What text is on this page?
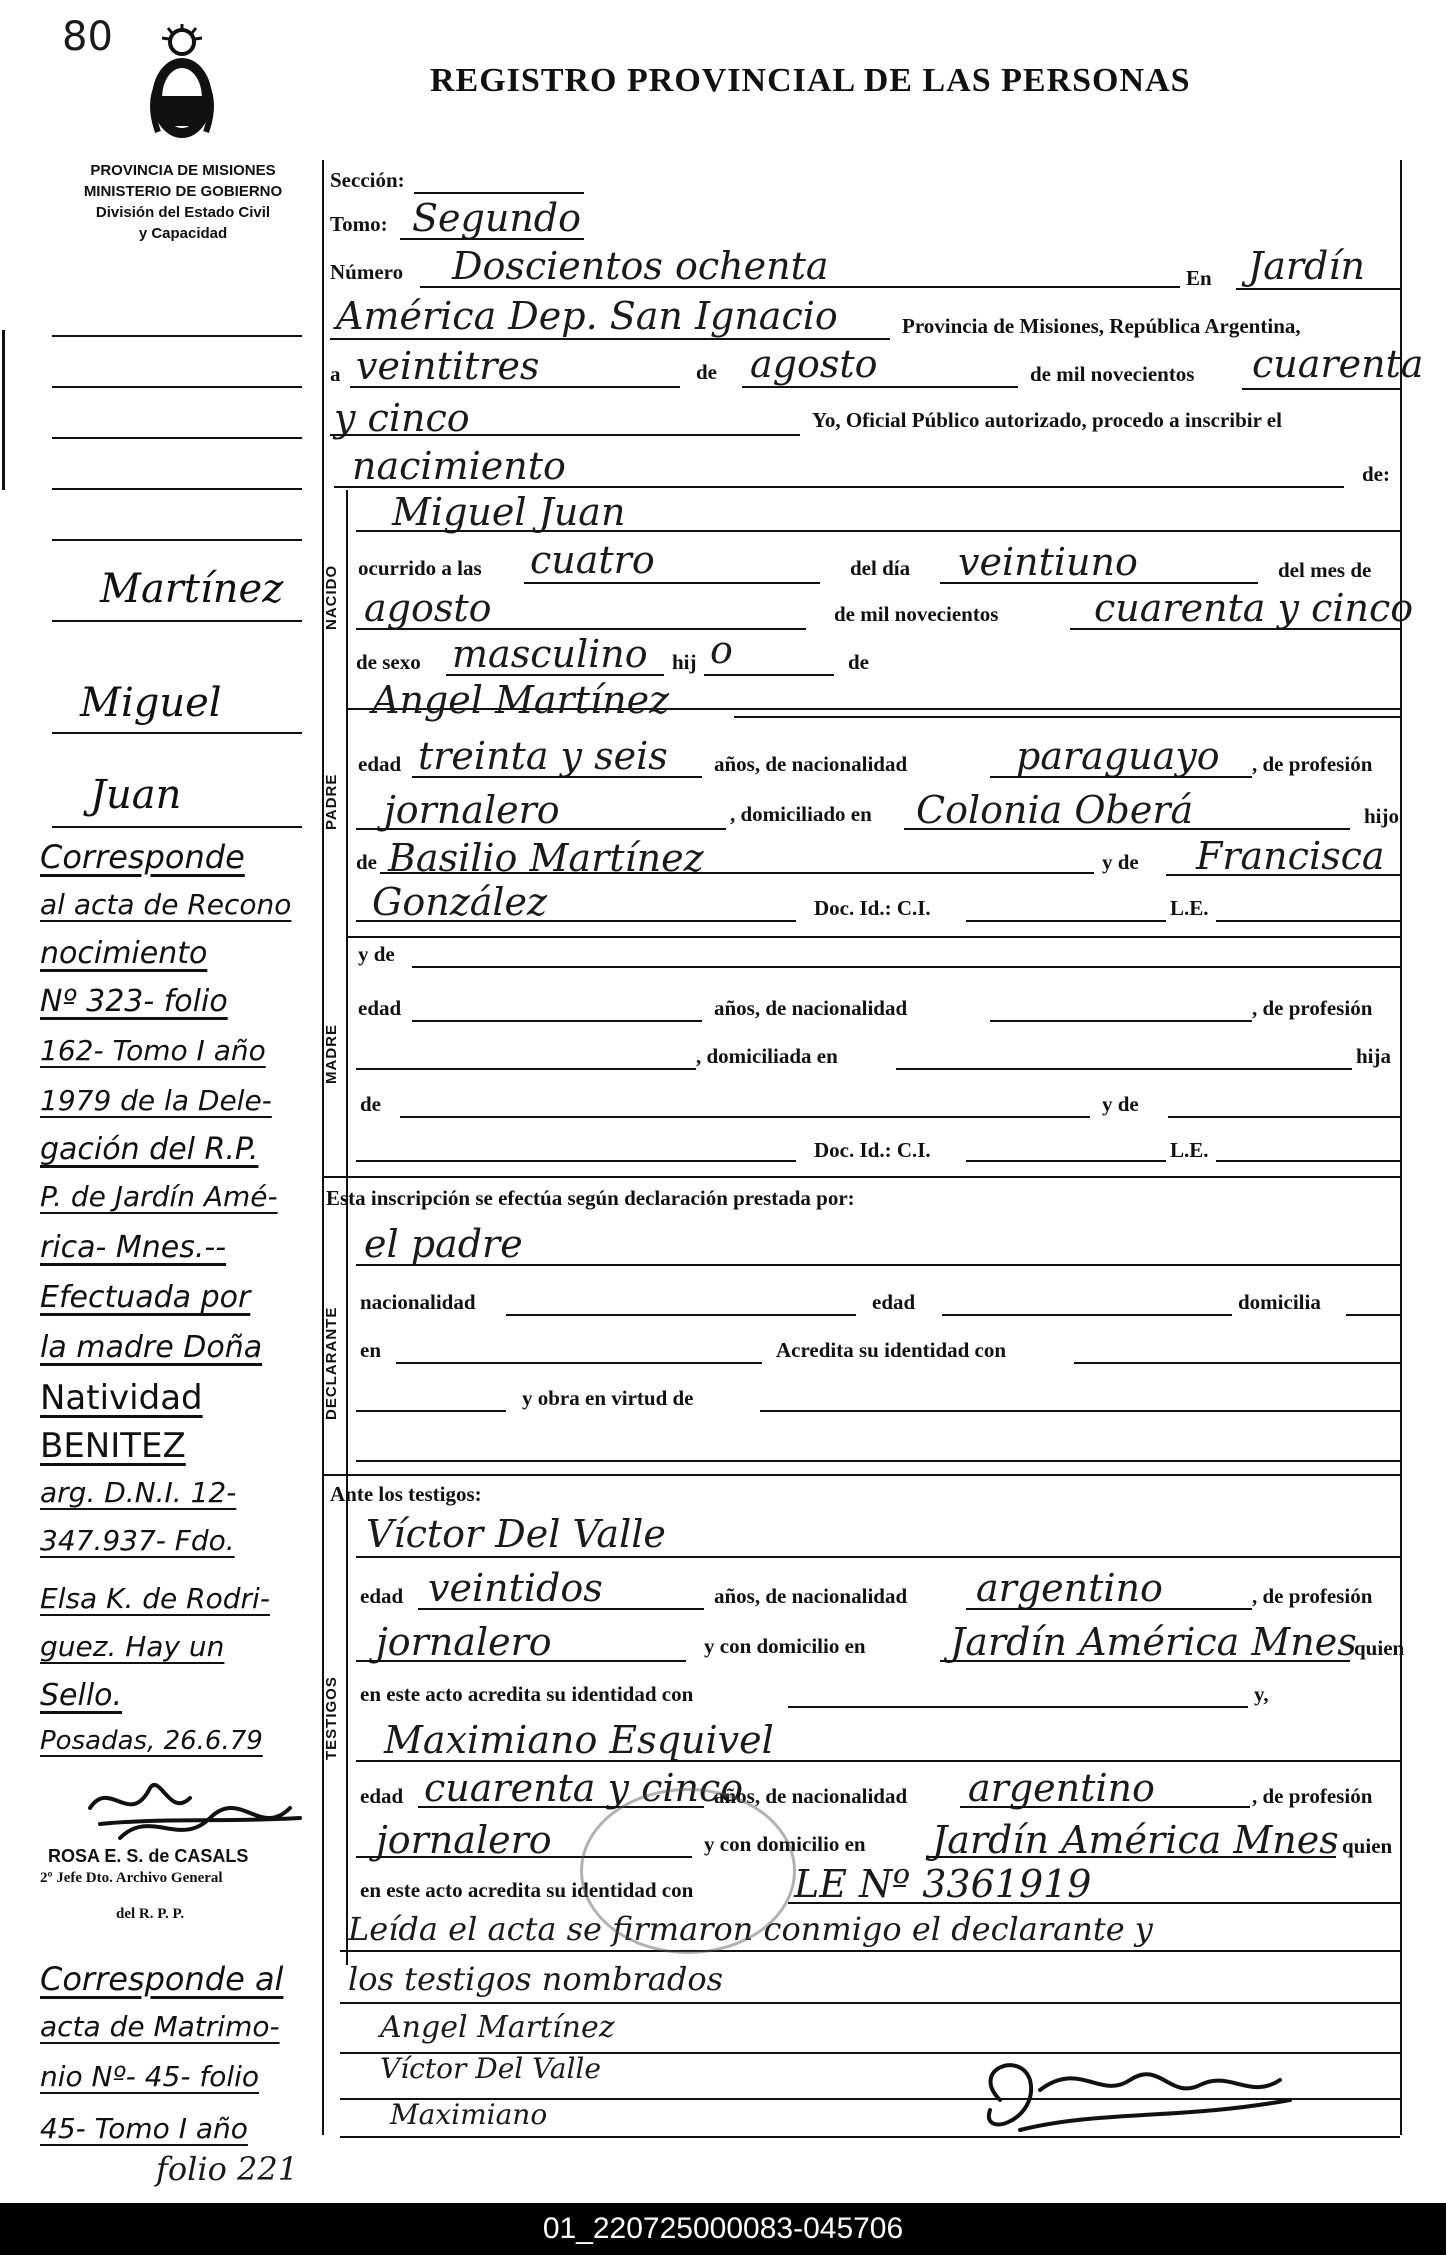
80
REGISTRO PROVINCIAL DE LAS PERSONAS
PROVINCIA DE MISIONES
MINISTERIO DE GOBIERNO
División del Estado Civil
y Capacidad
Sección:
Tomo: Segundo
Número Doscientos ochenta	En Jardín
América Dep. San Ignacio	Provincia de Misiones, República Argentina,
a veintitres	de agosto	de mil novecientos cuarenta
y cinco	Yo, Oficial Público autorizado, procedo a inscribir el
nacimiento	de:
NACIDO
Miguel Juan
ocurrido a las cuatro	del día veintiuno	del mes de
agosto	de mil novecientos	cuarenta y cinco
de sexo masculino hij o	de
PADRE
Angel Martínez
edad treinta y seis años, de nacionalidad	paraguayo , de profesión
jornalero	, domiciliado en Colonia Oberá	hijo
de Basilio Martínez	y de Francisca
González	Doc. Id.: C.I.	L.E.
MADRE
y de
edad	años, de nacionalidad	, de profesión
, domiciliada en	hija
de	y de
Doc. Id.: C.I.	L.E.
Esta inscripción se efectúa según declaración prestada por:
DECLARANTE
el padre
nacionalidad	edad	domicilia
en	Acredita su identidad con
y obra en virtud de
Ante los testigos:
TESTIGOS
Víctor Del Valle
edad veintidos	años, de nacionalidad argentino	, de profesión
jornalero	y con domicilio en Jardín América Mnes
quien
en este acto acredita su identidad con	y,
Maximiano Esquivel
edad cuarenta y cinco
años, de nacionalidad argentino	, de profesión
jornalero	y con domicilio en Jardín América Mnes quien
en este acto acredita su identidad con	LE Nº 3361919
Leída el acta se firmaron conmigo el declarante y
los testigos nombrados
Angel Martínez
Víctor Del Valle
Maximiano
Martínez
Miguel
Juan
Corresponde
al acta de Recono
nocimiento
Nº 323- folio
162- Tomo I año
1979 de la Dele-
gación del R.P.
P. de Jardín Amé-
rica- Mnes.--
Efectuada por
la madre Doña
Natividad
BENITEZ
arg. D.N.I. 12-
347.937- Fdo.
Elsa K. de Rodri-
guez. Hay un
Sello.
Posadas, 26.6.79
ROSA E. S. de CASALS
2º Jefe Dto. Archivo General
del R. P. P.
Corresponde al
acta de Matrimo-
nio Nº- 45- folio
45- Tomo I año
folio 221
01_220725000083-045706
